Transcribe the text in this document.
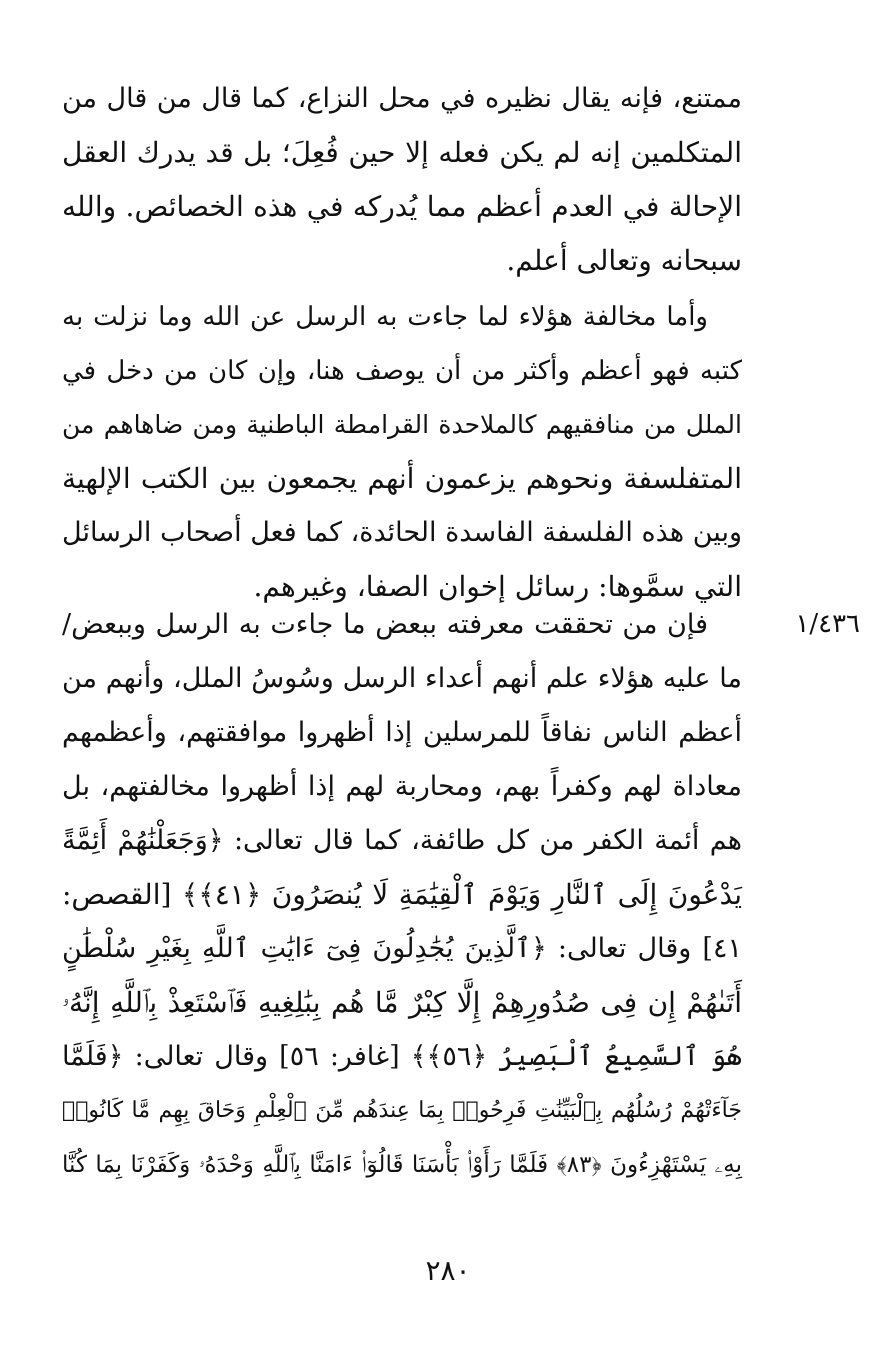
ممتنع، فإنه يقال نظيره في محل النزاع، كما قال من قال من
المتكلمين إنه لم يكن فعله إلا حين فُعِلَ؛ بل قد يدرك العقل
الإحالة في العدم أعظم مما يُدركه في هذه الخصائص. والله
سبحانه وتعالى أعلم.
وأما مخالفة هؤلاء لما جاءت به الرسل عن الله وما نزلت به
كتبه فهو أعظم وأكثر من أن يوصف هنا، وإن كان من دخل في
الملل من منافقيهم كالملاحدة القرامطة الباطنية ومن ضاهاهم من
المتفلسفة ونحوهم يزعمون أنهم يجمعون بين الكتب الإلهية
وبين هذه الفلسفة الفاسدة الحائدة، كما فعل أصحاب الرسائل
التي سمَّوها: رسائل إخوان الصفا، وغيرهم.
١/٤٣٦
فإن من تحققت معرفته ببعض ما جاءت به الرسل وببعض/
ما عليه هؤلاء علم أنهم أعداء الرسل وسُوسُ الملل، وأنهم من
أعظم الناس نفاقاً للمرسلين إذا أظهروا موافقتهم، وأعظمهم
معاداة لهم وكفراً بهم، ومحاربة لهم إذا أظهروا مخالفتهم، بل
هم أئمة الكفر من كل طائفة، كما قال تعالى: ﴿وَجَعَلْنَٰهُمْ أَئِمَّةً
يَدْعُونَ إِلَى ٱلنَّارِ وَيَوْمَ ٱلْقِيَٰمَةِ لَا يُنصَرُونَ ﴿٤١﴾﴾ [القصص:
٤١] وقال تعالى: ﴿ٱلَّذِينَ يُجَٰدِلُونَ فِىٓ ءَايَٰتِ ٱللَّهِ بِغَيْرِ سُلْطَٰنٍ
أَتَىٰهُمْ إِن فِى صُدُورِهِمْ إِلَّا كِبْرٌ مَّا هُم بِبَٰلِغِيهِ فَٱسْتَعِذْ بِٱللَّهِ إِنَّهُۥ
هُوَ ٱلسَّمِيعُ ٱلْبَصِيرُ ﴿٥٦﴾﴾ [غافر: ٥٦] وقال تعالى: ﴿فَلَمَّا
جَآءَتْهُمْ رُسُلُهُم بِٱلْبَيِّنَٰتِ فَرِحُوا۟ بِمَا عِندَهُم مِّنَ ٱلْعِلْمِ وَحَاقَ بِهِم مَّا كَانُوا۟
بِهِۦ يَسْتَهْزِءُونَ ﴿٨٣﴾ فَلَمَّا رَأَوْا۟ بَأْسَنَا قَالُوٓا۟ ءَامَنَّا بِٱللَّهِ وَحْدَهُۥ وَكَفَرْنَا بِمَا كُنَّا
٢٨٠
